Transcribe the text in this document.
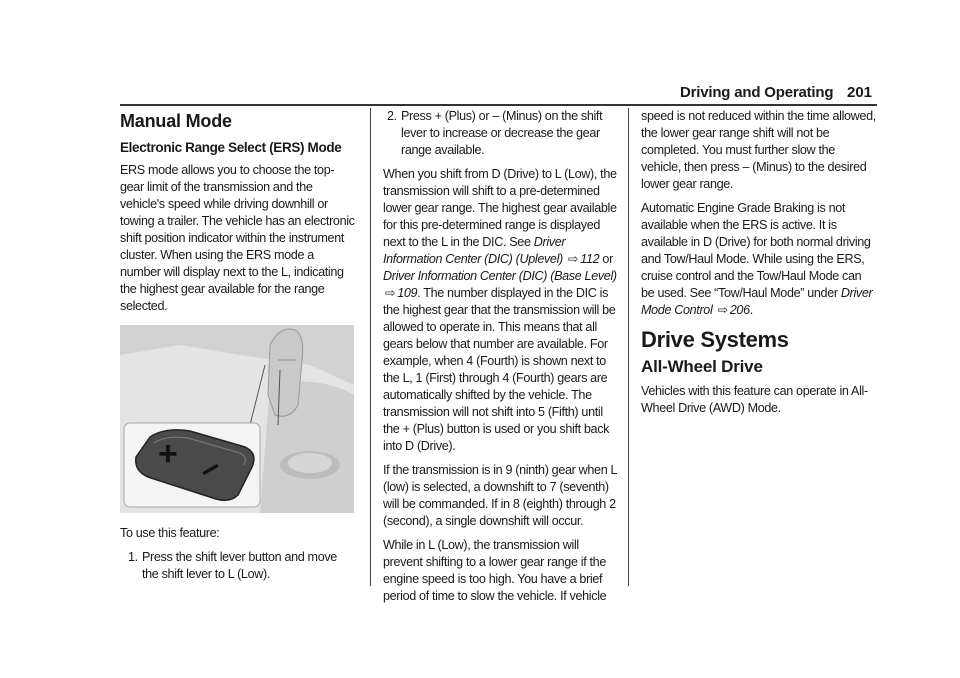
Driving and Operating 201
Manual Mode
Electronic Range Select (ERS) Mode

ERS mode allows you to choose the top-gear limit of the transmission and the vehicle's speed while driving downhill or towing a trailer. The vehicle has an electronic shift position indicator within the instrument cluster. When using the ERS mode a number will display next to the L, indicating the highest gear available for the range selected.

+ –

To use this feature:

1. Press the shift lever button and move the shift lever to L (Low).
2. Press + (Plus) or – (Minus) on the shift lever to increase or decrease the gear range available.

When you shift from D (Drive) to L (Low), the transmission will shift to a pre-determined lower gear range. The highest gear available for this pre-determined range is displayed next to the L in the DIC. See Driver Information Center (DIC) (Uplevel) ⇨ 112 or Driver Information Center (DIC) (Base Level) ⇨ 109. The number displayed in the DIC is the highest gear that the transmission will be allowed to operate in. This means that all gears below that number are available. For example, when 4 (Fourth) is shown next to the L, 1 (First) through 4 (Fourth) gears are automatically shifted by the vehicle. The transmission will not shift into 5 (Fifth) until the + (Plus) button is used or you shift back into D (Drive).

If the transmission is in 9 (ninth) gear when L (low) is selected, a downshift to 7 (seventh) will be commanded. If in 8 (eighth) through 2 (second), a single downshift will occur.

While in L (Low), the transmission will prevent shifting to a lower gear range if the engine speed is too high. You have a brief period of time to slow the vehicle. If vehicle

speed is not reduced within the time allowed, the lower gear range shift will not be completed. You must further slow the vehicle, then press – (Minus) to the desired lower gear range.

Automatic Engine Grade Braking is not available when the ERS is active. It is available in D (Drive) for both normal driving and Tow/Haul Mode. While using the ERS, cruise control and the Tow/Haul Mode can be used. See “Tow/Haul Mode” under Driver Mode Control ⇨ 206.

Drive Systems
All-Wheel Drive

Vehicles with this feature can operate in All-Wheel Drive (AWD) Mode.
